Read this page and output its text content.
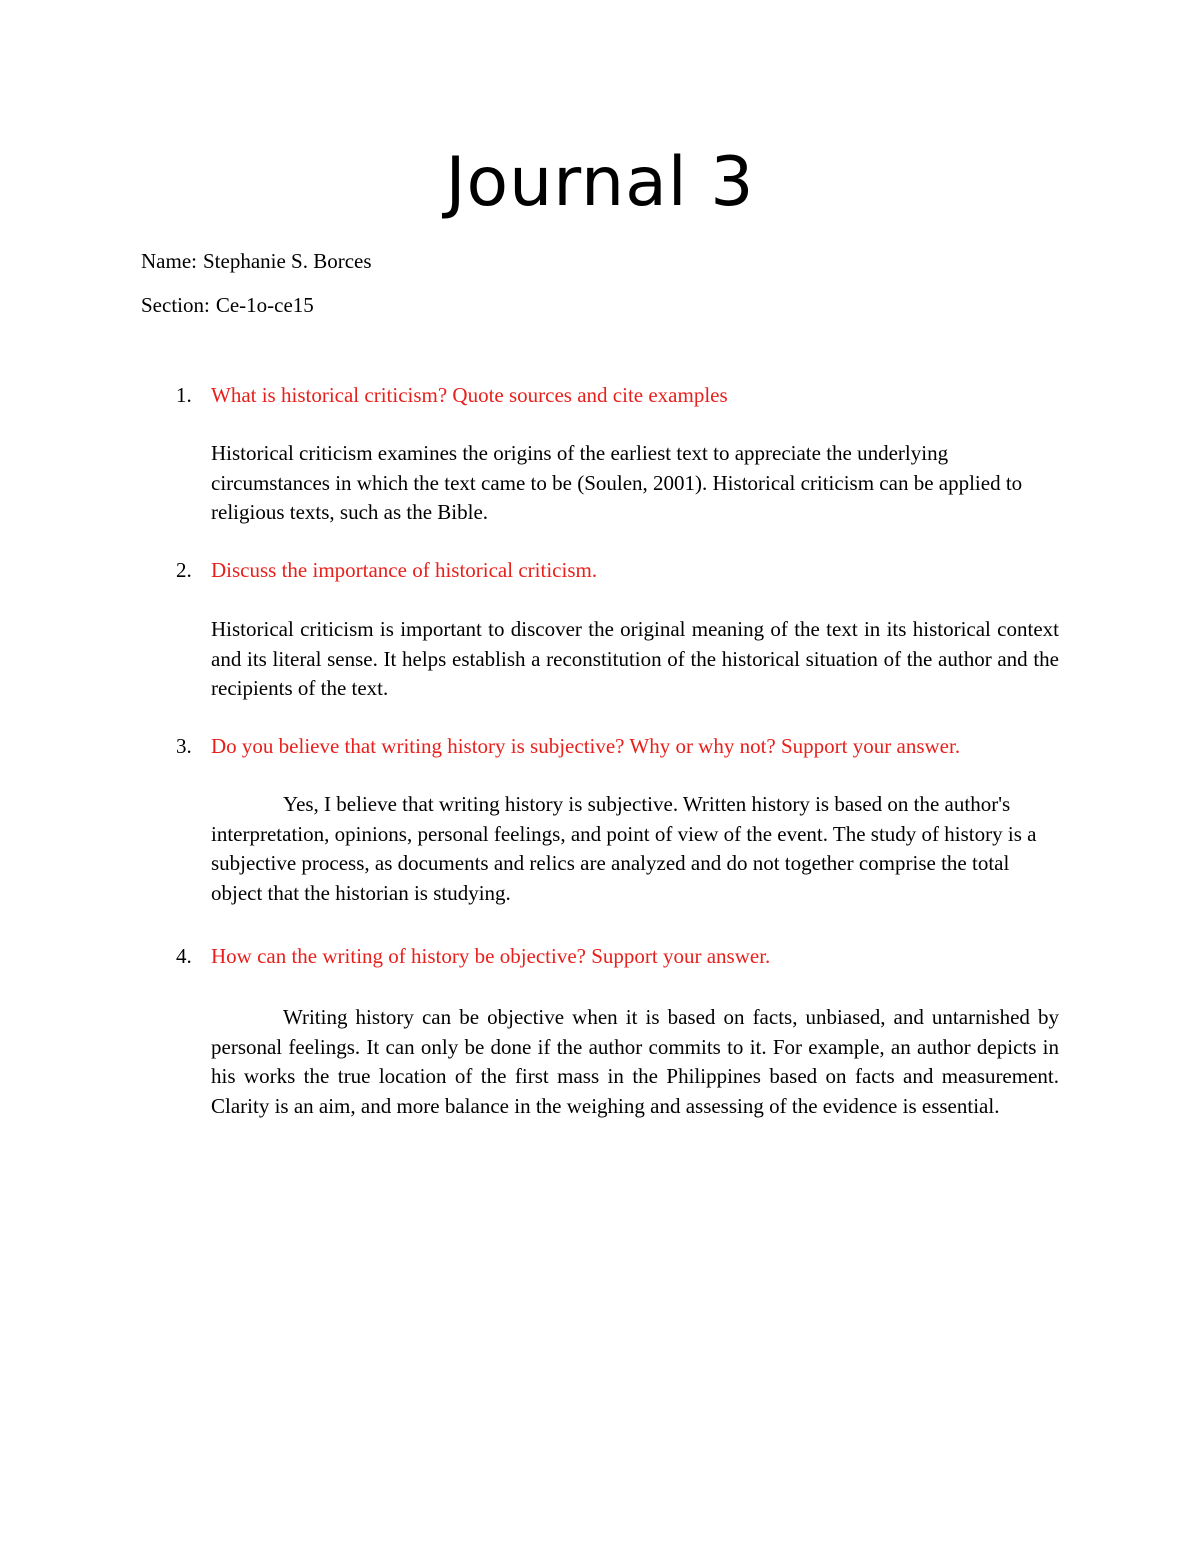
Journal 3

Name: Stephanie S. Borces

Section: Ce-1o-ce15

1. What is historical criticism? Quote sources and cite examples

Historical criticism examines the origins of the earliest text to appreciate the underlying circumstances in which the text came to be (Soulen, 2001). Historical criticism can be applied to religious texts, such as the Bible.

2. Discuss the importance of historical criticism.

Historical criticism is important to discover the original meaning of the text in its historical context and its literal sense. It helps establish a reconstitution of the historical situation of the author and the recipients of the text.

3. Do you believe that writing history is subjective? Why or why not? Support your answer.

Yes, I believe that writing history is subjective. Written history is based on the author's interpretation, opinions, personal feelings, and point of view of the event. The study of history is a subjective process, as documents and relics are analyzed and do not together comprise the total object that the historian is studying.

4. How can the writing of history be objective? Support your answer.

Writing history can be objective when it is based on facts, unbiased, and untarnished by personal feelings. It can only be done if the author commits to it. For example, an author depicts in his works the true location of the first mass in the Philippines based on facts and measurement. Clarity is an aim, and more balance in the weighing and assessing of the evidence is essential.
